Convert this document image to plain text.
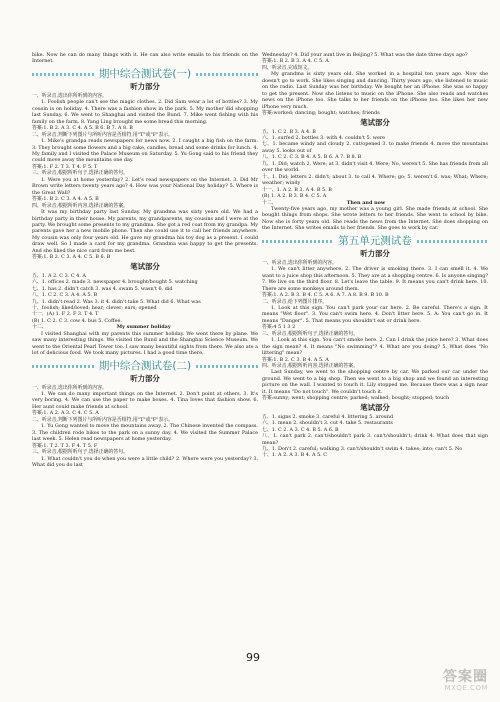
bike. Now he can do many things with it. He can also write emails to his friends on the Internet.
期中综合测试卷(一)
听力部分

一、听录音,选出你所听到的内容。

1. Foolish people can't see the magic clothes. 2. Did Sam wear a lot of bottles? 3. My cousin is on holiday. 4. There was a fashion show in the park. 5. My mother did shopping last Sunday. 6. We went to Shanghai and visited the Bund. 7. Mike went fishing with his family on the farm. 8. Yang Ling brought me some bread this morning.

答案:1. B 2. A 3. C 4. A 5. B 6. B 7. A 8. B

二、听录音,判断下列图片与所听内容是否相符,用"T"或"F"表示。

1. Mike's grandpa reads newspapers for news now. 2. I caught a big fish on the farm. 3. They brought some flowers and a big cake, candles, bread and some drinks for lunch. 4. My family and I visited the Palace Museum on Saturday. 5. Yu Gong said to his friend they could move away the mountains one day.

答案:1. F 2. T 3. T 4. F 5. T

三、听录音,根据所听句子,选择正确的答句。

1. Were you at home yesterday? 2. Let's read newspapers on the Internet. 3. Did Mr Brown write letters twenty years ago? 4. How was your National Day holiday? 5. Where is the Great Wall?

答案:1. B 2. C 3. A 4. A 5. B

四、听录音,根据所听内容,选择正确的答案。

It was my birthday party last Sunday. My grandma was sixty years old. We had a birthday party in their house. My parents, my grandparents, my cousins and I were at the party. We brought some presents to my grandma. She got a red coat from my grandpa. My parents gave her a new mobile phone. Then she could use it to call her friends anywhere. My cousin was only four years old. He gave my grandma his toy dog as a present. I could draw well. So I made a card for my grandma. Grandma was happy to get the presents. And she liked the nice card from me best.

答案:1. B 2. C 3. A 4. C 5. B 6. B

笔试部分

五、1. A 2. C 3. C 4. A

六、1. offices 2. made 3. newspaper 4. brought/bought 5. watching

七、1. has 2. didn't catch 3. was 4. swam 5. wasn't 6. did

八、1. C 2. C 3. A 4. A 5. B

九、1. didn't read 2. Was 3. it 4. didn't take 5. What did 6. What was

十、foolish; liked/loved; hear; clever; ears; opened

十一、(A) 1. F 2. F 3. T 4. T

(B) 1. C 2. C 3. cow 4. bus 5. Coffee.

十二、	My summer holiday

I visited Shanghai with my parents this summer holiday. We went there by plane. We saw many interesting things. We visited the Bund and the Shanghai Science Museum. We went to the Oriental Pearl Tower too. I saw many beautiful sights from there. We also ate a lot of delicious food. We took many pictures. I had a good time there.

期中综合测试卷(二)
听力部分

一、听录音,选出你所听到的内容。

1. We can do many important things on the Internet. 2. Don't point at others. 3. It's very boring. 4. We can use the paper to make boxes. 4. Tina loves that fashion show. 6. Her aunt could make friends at school.

答案:1. A 2. A 3. C 4. C 5. A

二、听录音,判断下列图片与所听内容是否相符,用"T"或"F"表示。

1. Yu Gong wanted to move the mountains away. 2. The Chinese invented the compass. 3. The children rode bikes to the park on a sunny day. 4. We visited the Summer Palace last week. 5. Helen read newspapers at home yesterday.

答案:1. T 2. T 3. F 4. T 5. F

三、听录音,根据所听句子,选择正确的答句。

1. What couldn't you do when you were a little child? 2. Where were you yesterday? 3. What did you do last

Wednesday? 4. Did your aunt live in Beijing? 5. What was the date three days ago?

答案:1. B 2. B 3. A 4. C 5. A

四、听录音,完成短文。

My grandma is sixty years old. She worked in a hospital ten years ago. Now she doesn't go to work. She likes singing and dancing. Thirty years ago, she listened to music on the radio. Last Sunday was her birthday. We bought her an iPhone. She was so happy to get the present. Now she listens to music on the iPhone. She also reads and watches news on the iPhone too. She talks to her friends on the iPhone too. She likes her new iPhone very much.

答案:worked; dancing; bought; watches; friends

笔试部分

五、1. C 2. B 3. A 4. B

六、1. surfed 2. bottles 3. with 4. couldn't 5. were

七、1. became windy and cloudy 2. cut/opened 3. to make friends 4. move the mountains away 5. looks out of

八、1. C 2. C 3. B 4. A 5. B 6. A 7. B 8. B

九、1. Did; watch 2. Were; at 3. didn't visit 4. Were; No, weren't 5. She has friends from all over the world.

十、1. Did; letters 2. didn't; about 3. to call 4. Where; go; 5. weren't 6. was; What; Where; weather; windy

十一、1. A 2. B 3. A 4. B 5. B

(B) 1. A 2. B 3. B 4. C 5. A

十二、	Then and now

Twenty-five years ago, my mother was a young girl. She made friends at school. She bought things from shops. She wrote letters to her friends. She went to school by bike. Now she is forty years old. She reads the news from the Internet. She does shopping on the Internet. She writes emails to her friends. She goes to work by car.

第五单元测试卷
听力部分

一、听录音,选出你所听到的内容。

1. We can't litter anywhere. 2. The driver is smoking there. 3. I can smell it. 4. We want to a juice shop this afternoon. 5. They are at a shopping centre. 6. Is anyone singing? 7. We live on the third floor. 8. Let's leave the table. 9. It means you can't drink here. 10. There are some monkeys around them.

答案:1. A 2. B 3. B 4. C 5. A 6. A 7. A 8. B 9. B 10. B

二、听录音,给下列图片排序。

1. Look at this sign. You can't park your car here. 2. Be careful. There's a sign. It means "Wet floor". 3. You can't swim here. 4. Don't litter here. 5. A: You can't go in. It means "Danger". 5. That means you shouldn't eat or drink here.

答案:4 5 1 3 2

三、听录音,根据所听句子,选择正确的答句。

1. Look at this sign. You can't smoke here. 2. Can I drink the juice here? 3. What does the sign mean? 4. It means "No swimming"? 4. What are you doing? 5. What does "No littering" mean?

答案:1. B 2. C 3. B 4. A 5. A

四、听录音,根据所听内容,选择正确的答案。

Last Sunday, we went to the shopping centre by car. We parked our car under the ground. We went to a big shop. Then we went to a big shop and we found an interesting picture on the wall. I wanted to touch it. Lily stopped me. Because there was a sign near it. It means "Do not touch". We couldn't touch it.

答案:sunny; went; shopping centre; parked; walked; bought; stopped; touch

笔试部分

五、1. signs 2. smoke 3. careful 4. littering 5. around

六、1. mean 2. shouldn't 3. cut 4. take 5. restaurants

七、1. C 2. A 3. C 4. B 5. A 6. B

八、1. can't park 2. can't/shouldn't park 3. can't/shouldn't; drink 4. What does that sign mean?

九、1. Don't 2. careful; walking 3. can't/shouldn't swim 4. takes; into; can't 5. No

十、1. A 2. A 3. B 4. A 5. C

99
答案圈
MXQE.COM
